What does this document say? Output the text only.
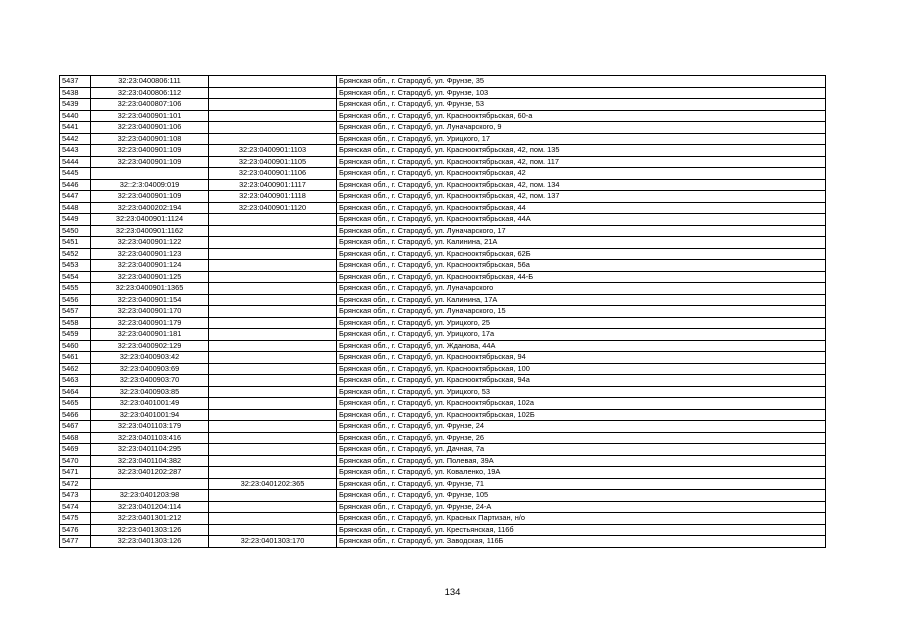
5437	32:23:0400806:111		Брянская обл., г. Стародуб, ул. Фрунзе, 35
5438	32:23:0400806:112		Брянская обл., г. Стародуб, ул. Фрунзе, 103
5439	32:23:0400807:106		Брянская обл., г. Стародуб, ул. Фрунзе, 53
5440	32:23:0400901:101		Брянская обл., г. Стародуб, ул. Краснооктябрьская, 60-а
5441	32:23:0400901:106		Брянская обл., г. Стародуб, ул. Луначарского, 9
5442	32:23:0400901:108		Брянская обл., г. Стародуб, ул. Урицкого, 17
5443	32:23:0400901:109	32:23:0400901:1103	Брянская обл., г. Стародуб, ул. Краснооктябрьская, 42, пом. 135
5444	32:23:0400901:109	32:23:0400901:1105	Брянская обл., г. Стародуб, ул. Краснооктябрьская, 42, пом. 117
5445		32:23:0400901:1106	Брянская обл., г. Стародуб, ул. Краснооктябрьская, 42
5446	32::2:3:04009:019	32:23:0400901:1117	Брянская обл., г. Стародуб, ул. Краснооктябрьская, 42, пом. 134
5447	32:23:0400901:109	32:23:0400901:1118	Брянская обл., г. Стародуб, ул. Краснооктябрьская, 42, пом. 137
5448	32:23:0400202:194	32:23:0400901:1120	Брянская обл., г. Стародуб, ул. Краснооктябрьская, 44
5449	32:23:0400901:1124		Брянская обл., г. Стародуб, ул. Краснооктябрьская, 44А
5450	32:23:0400901:1162		Брянская обл., г. Стародуб, ул. Луначарского, 17
5451	32:23:0400901:122		Брянская обл., г. Стародуб, ул. Калинина, 21А
5452	32:23:0400901:123		Брянская обл., г. Стародуб, ул. Краснооктябрьская, 62Б
5453	32:23:0400901:124		Брянская обл., г. Стародуб, ул. Краснооктябрьская, 56а
5454	32:23:0400901:125		Брянская обл., г. Стародуб, ул. Краснооктябрьская, 44-Б
5455	32:23:0400901:1365		Брянская обл., г. Стародуб, ул. Луначарского
5456	32:23:0400901:154		Брянская обл., г. Стародуб, ул. Калинина, 17А
5457	32:23:0400901:170		Брянская обл., г. Стародуб, ул. Луначарского, 15
5458	32:23:0400901:179		Брянская обл., г. Стародуб, ул. Урицкого, 25
5459	32:23:0400901:181		Брянская обл., г. Стародуб, ул. Урицкого, 17а
5460	32:23:0400902:129		Брянская обл., г. Стародуб, ул. Жданова, 44А
5461	32:23:0400903:42		Брянская обл., г. Стародуб, ул. Краснооктябрьская, 94
5462	32:23:0400903:69		Брянская обл., г. Стародуб, ул. Краснооктябрьская, 100
5463	32:23:0400903:70		Брянская обл., г. Стародуб, ул. Краснооктябрьская, 94а
5464	32:23:0400903:85		Брянская обл., г. Стародуб, ул. Урицкого, 53
5465	32:23:0401001:49		Брянская обл., г. Стародуб, ул. Краснооктябрьская, 102а
5466	32:23:0401001:94		Брянская обл., г. Стародуб, ул. Краснооктябрьская, 102Б
5467	32:23:0401103:179		Брянская обл., г. Стародуб, ул. Фрунзе, 24
5468	32:23:0401103:416		Брянская обл., г. Стародуб, ул. Фрунзе, 26
5469	32:23:0401104:295		Брянская обл., г. Стародуб, ул. Дачная, 7а
5470	32:23:0401104:382		Брянская обл., г. Стародуб, ул. Полевая, 39А
5471	32:23:0401202:287		Брянская обл., г. Стародуб, ул. Коваленко, 19А
5472		32:23:0401202:365	Брянская обл., г. Стародуб, ул. Фрунзе, 71
5473	32:23:0401203:98		Брянская обл., г. Стародуб, ул. Фрунзе, 105
5474	32:23:0401204:114		Брянская обл., г. Стародуб, ул. Фрунзе, 24-А
5475	32:23:0401301:212		Брянская обл., г. Стародуб, ул. Красных Партизан, н/о
5476	32:23:0401303:126		Брянская обл., г. Стародуб, ул. Крестьянская, 116б
5477	32:23:0401303:126	32:23:0401303:170	Брянская обл., г. Стародуб, ул. Заводская, 116Б
134
